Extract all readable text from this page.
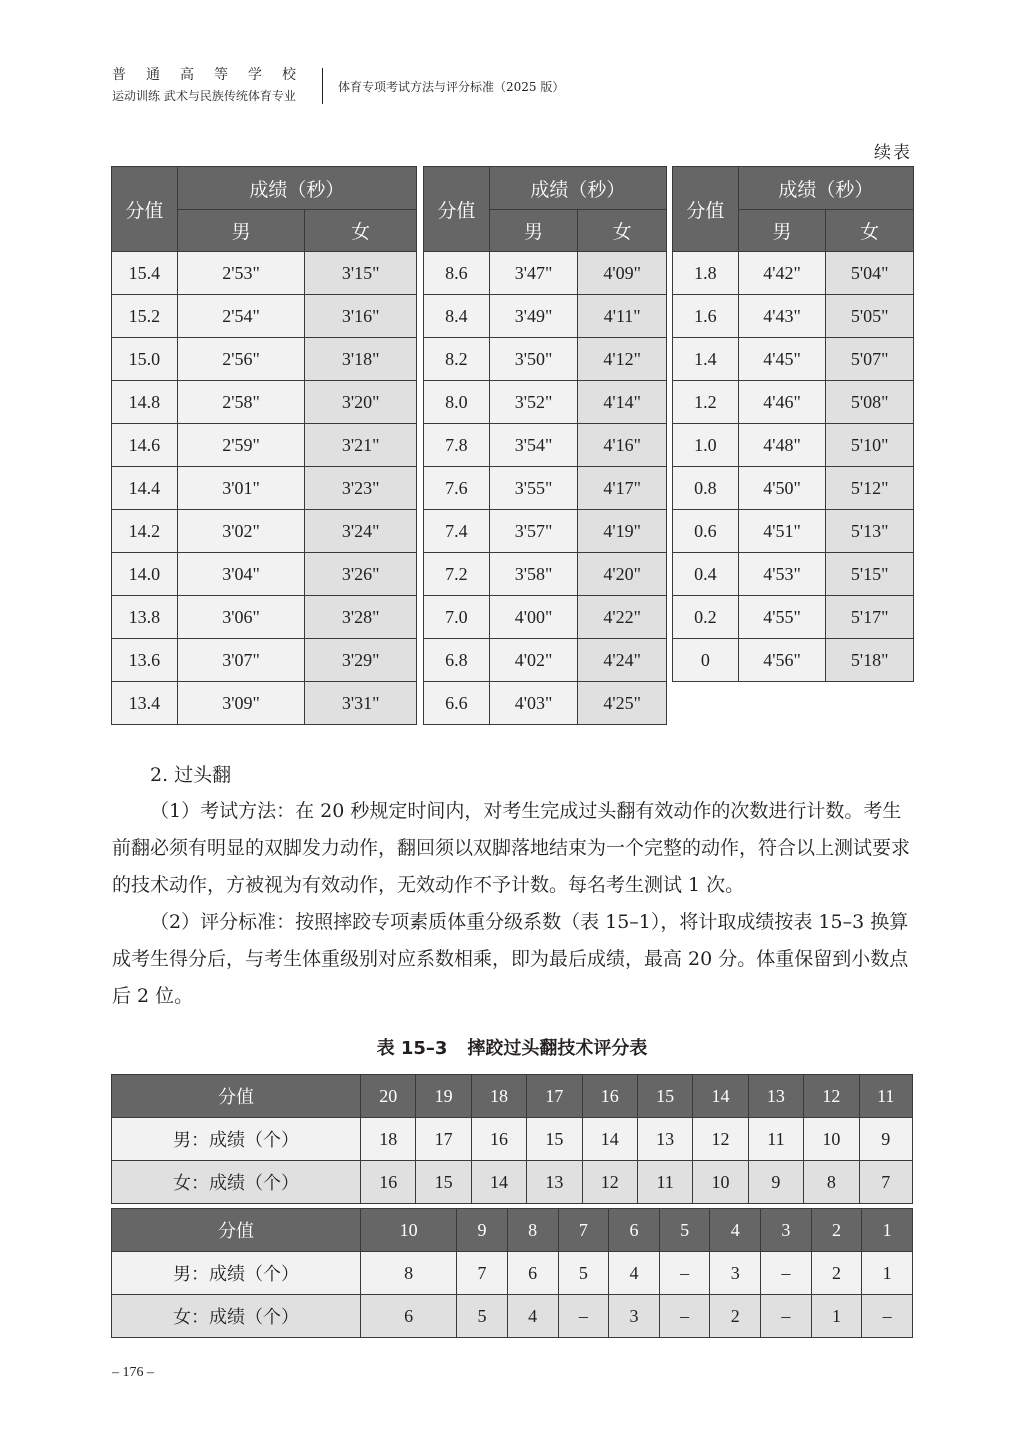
普通高等学校
运动训练 武术与民族传统体育专业
体育专项考试方法与评分标准（2025 版）
续表
分值	成绩（秒）	
	男	女
15.4	2'53"	3'15"
15.2	2'54"	3'16"
15.0	2'56"	3'18"
14.8	2'58"	3'20"
14.6	2'59"	3'21"
14.4	3'01"	3'23"
14.2	3'02"	3'24"
14.0	3'04"	3'26"
13.8	3'06"	3'28"
13.6	3'07"	3'29"
13.4	3'09"	3'31"
分值	成绩（秒）	
	男	女
8.6	3'47"	4'09"
8.4	3'49"	4'11"
8.2	3'50"	4'12"
8.0	3'52"	4'14"
7.8	3'54"	4'16"
7.6	3'55"	4'17"
7.4	3'57"	4'19"
7.2	3'58"	4'20"
7.0	4'00"	4'22"
6.8	4'02"	4'24"
6.6	4'03"	4'25"
分值	成绩（秒）	
	男	女
1.8	4'42"	5'04"
1.6	4'43"	5'05"
1.4	4'45"	5'07"
1.2	4'46"	5'08"
1.0	4'48"	5'10"
0.8	4'50"	5'12"
0.6	4'51"	5'13"
0.4	4'53"	5'15"
0.2	4'55"	5'17"
0	4'56"	5'18"
2. 过头翻
（1）考试方法：在 20 秒规定时间内，对考生完成过头翻有效动作的次数进行计数。考生前翻必须有明显的双脚发力动作，翻回须以双脚落地结束为一个完整的动作，符合以上测试要求的技术动作，方被视为有效动作，无效动作不予计数。每名考生测试 1 次。
（2）评分标准：按照摔跤专项素质体重分级系数（表 15–1），将计取成绩按表 15–3 换算成考生得分后，与考生体重级别对应系数相乘，即为最后成绩，最高 20 分。体重保留到小数点后 2 位。
表 15–3 摔跤过头翻技术评分表
分值	20	19	18	17	16	15	14	13	12	11
男：成绩（个）	18	17	16	15	14	13	12	11	10	9
女：成绩（个）	16	15	14	13	12	11	10	9	8	7
分值	10	9	8	7	6	5	4	3	2	1
男：成绩（个）	8	7	6	5	4	–	3	–	2	1
女：成绩（个）	6	5	4	–	3	–	2	–	1	–
– 176 –
